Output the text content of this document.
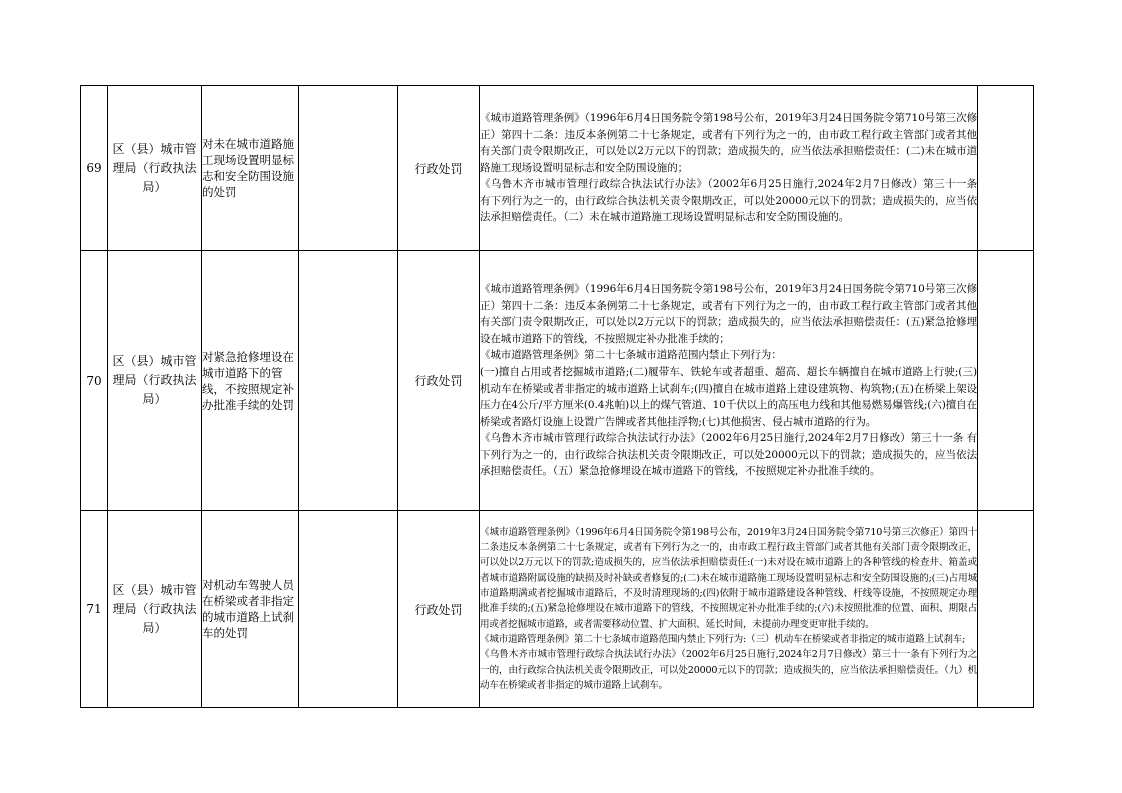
69	区（县）城市管理局（行政执法局）	对未在城市道路施工现场设置明显标志和安全防围设施的处罚		行政处罚	《城市道路管理条例》（1996年6月4日国务院令第198号公布，2019年3月24日国务院令第710号第三次修正）第四十二条：违反本条例第二十七条规定，或者有下列行为之一的，由市政工程行政主管部门或者其他有关部门责令限期改正，可以处以2万元以下的罚款；造成损失的，应当依法承担赔偿责任：(二)未在城市道路施工现场设置明显标志和安全防围设施的；
《乌鲁木齐市城市管理行政综合执法试行办法》（2002年6月25日施行,2024年2月7日修改）第三十一条　有下列行为之一的，由行政综合执法机关责令限期改正，可以处20000元以下的罚款；造成损失的，应当依法承担赔偿责任。（二）未在城市道路施工现场设置明显标志和安全防围设施的。	

70	区（县）城市管理局（行政执法局）	对紧急抢修埋设在城市道路下的管线，不按照规定补办批准手续的处罚		行政处罚	《城市道路管理条例》（1996年6月4日国务院令第198号公布，2019年3月24日国务院令第710号第三次修正）第四十二条：违反本条例第二十七条规定，或者有下列行为之一的，由市政工程行政主管部门或者其他有关部门责令限期改正，可以处以2万元以下的罚款；造成损失的，应当依法承担赔偿责任：(五)紧急抢修埋设在城市道路下的管线，不按照规定补办批准手续的；
《城市道路管理条例》第二十七条城市道路范围内禁止下列行为：
(一)擅自占用或者挖掘城市道路;(二)履带车、铁轮车或者超重、超高、超长车辆擅自在城市道路上行驶;(三)机动车在桥梁或者非指定的城市道路上试刹车;(四)擅自在城市道路上建设建筑物、构筑物;(五)在桥梁上架设压力在4公斤/平方厘米(0.4兆帕)以上的煤气管道、10千伏以上的高压电力线和其他易燃易爆管线;(六)擅自在桥梁或者路灯设施上设置广告牌或者其他挂浮物;(七)其他损害、侵占城市道路的行为。
《乌鲁木齐市城市管理行政综合执法试行办法》（2002年6月25日施行,2024年2月7日修改）第三十一条 有下列行为之一的，由行政综合执法机关责令限期改正，可以处20000元以下的罚款；造成损失的，应当依法承担赔偿责任。（五）紧急抢修埋设在城市道路下的管线，不按照规定补办批准手续的。	

71	区（县）城市管理局（行政执法局）	对机动车驾驶人员在桥梁或者非指定的城市道路上试刹车的处罚		行政处罚	《城市道路管理条例》（1996年6月4日国务院令第198号公布，2019年3月24日国务院令第710号第三次修正）第四十二条违反本条例第二十七条规定，或者有下列行为之一的，由市政工程行政主管部门或者其他有关部门责令限期改正，可以处以2万元以下的罚款;造成损失的，应当依法承担赔偿责任:(一)未对设在城市道路上的各种管线的检查井、箱盖或者城市道路附属设施的缺损及时补缺或者修复的;(二)未在城市道路施工现场设置明显标志和安全防围设施的;(三)占用城市道路期满或者挖掘城市道路后，不及时清理现场的;(四)依附于城市道路建设各种管线、杆线等设施，不按照规定办理批准手续的;(五)紧急抢修埋设在城市道路下的管线，不按照规定补办批准手续的;(六)未按照批准的位置、面积、期限占用或者挖掘城市道路，或者需要移动位置、扩大面积、延长时间，未提前办理变更审批手续的。
《城市道路管理条例》第二十七条城市道路范围内禁止下列行为:（三）机动车在桥梁或者非指定的城市道路上试刹车;
《乌鲁木齐市城市管理行政综合执法试行办法》（2002年6月25日施行,2024年2月7日修改）第三十一条有下列行为之一的，由行政综合执法机关责令限期改正，可以处20000元以下的罚款；造成损失的，应当依法承担赔偿责任。（九）机动车在桥梁或者非指定的城市道路上试刹车。	
